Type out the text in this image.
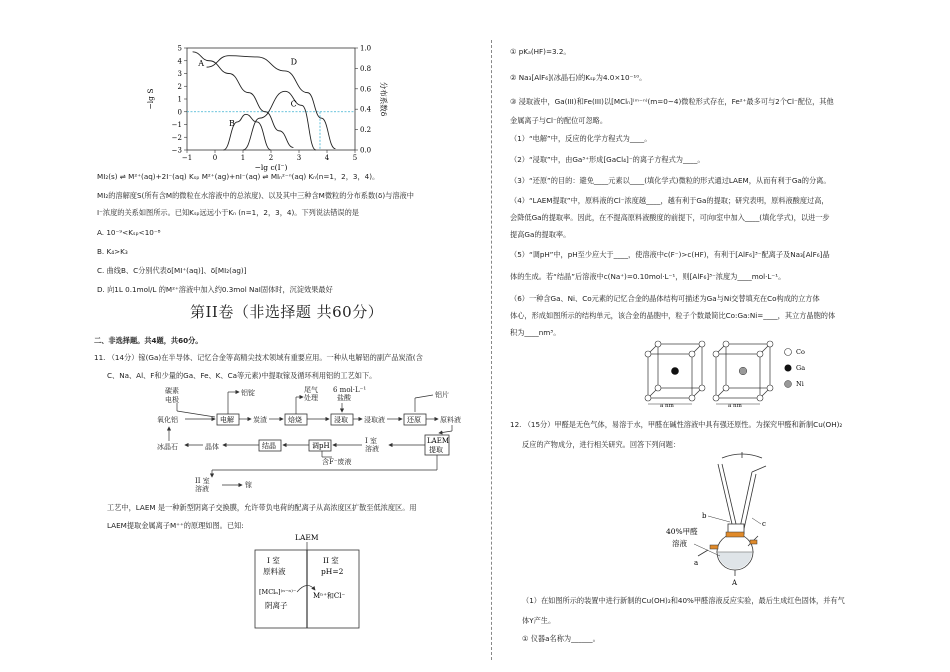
5
4
3
2
1
0
−1
−2
−3
1.0
0.8
0.6
0.4
0.2
0.0
−1	0	1	2	3	4	5
−lg c(I⁻)
−lg S	分布系数δ
A
B
C
D
MI₂(s) ⇌ M²⁺(aq)+2I⁻(aq) Kₛₚ M²⁺(ag)+nI⁻(aq) ⇌ MIₙ²⁻ⁿ(aq) Kₙ(n=1，2，3，4)。
MI₂的溶解度S(所有含M的微粒在水溶液中的总浓度)、以及其中三种含M微粒的分布系数(δ)与溶液中
I⁻浓度的关系如图所示。已知Kₛₚ远远小于Kₙ (n=1，2，3，4)。下列说法错误的是
A. 10⁻⁹<Kₛₚ<10⁻⁸
B. K₄>K₃
C. 曲线B、C分别代表δ[MI⁺(aq)]、δ[MI₂(ag)]
D. 向1L 0.1mol/L 的M²⁺溶液中加入约0.3mol NaI固体时，沉淀效果最好
第II卷（非选择题 共60分）
二、非选择题。共4题，共60分。
11. （14分）镓(Ga)在半导体、记忆合金等高精尖技术领域有重要应用。一种从电解铝的副产品炭渣(含
C、Na、Al、F和少量的Ga、Fe、K、Ca等元素)中提取镓及循环利用铝的工艺如下。
碳素
电极
氧化铝
铝锭
炭渣
尾气
处理
6 mol·L⁻¹
盐酸
浸取液
铝片
原料液
冰晶石	晶体
I 室
溶液
含F⁻废液
II 室
溶液	镓
电解	焙烧	浸取	还原
LAEM
提取
调pH
结晶
工艺中，LAEM 是一种新型阴离子交换膜，允许带负电荷的配离子从高浓度区扩散至低浓度区。用
LAEM提取金属离子M⁺⁺的原理如图。已知:
LAEM
I 室
原料液
[MClₙ]⁽ⁿ⁻ⁿ⁾⁻
阴离子
II 室
pH=2
Mⁿ⁺和Cl⁻
① pKₐ(HF)=3.2。
② Na₃[AlF₆](冰晶石)的Kₛₚ为4.0×10⁻¹⁰。
③ 浸取液中，Ga(III)和Fe(III)以[MClₙ]⁽ᵐ⁻ⁿ⁾(m=0~4)微粒形式存在，Fe²⁺最多可与2个Cl⁻配位，其他
金属离子与Cl⁻的配位可忽略。
（1）“电解”中，反应的化学方程式为____。
（2）“浸取”中，由Ga³⁺形成[GaCl₄]⁻的离子方程式为____。
（3）“还原”的目的：避免____元素以____(填化学式)微粒的形式通过LAEM，从而有利于Ga的分离。
（4）“LAEM提取”中，原料液的Cl⁻浓度越____，越有利于Ga的提取；研究表明，原料液酸度过高，
会降低Ga的提取率。因此，在不提高原料液酸度的前提下，可向I室中加入____(填化学式)，以进一步
提高Ga的提取率。
（5）“调pH”中，pH至少应大于____，使溶液中c(F⁻)>c(HF)，有利于[AlF₆]³⁻配离子及Na₃[AlF₆]晶
体的生成。若“结晶”后溶液中c(Na⁺)=0.10mol·L⁻¹，则[AlF₆]³⁻浓度为____mol·L⁻¹。
（6）一种含Ga、Ni、Co元素的记忆合金的晶体结构可描述为Ga与Ni交替填充在Co构成的立方体
体心，形成如图所示的结构单元，该合金的晶胞中，粒子个数最简比Co:Ga:Ni=____，其立方晶胞的体
积为____nm³。
a nm	a nm
Co
Ga
Ni
12. （15分）甲醛是无色气体，易溶于水，甲醛在碱性溶液中具有强还原性。为探究甲醛和新制Cu(OH)₂
反应的产物成分，进行相关研究。回答下列问题：
b
c
a
A
40%甲醛
溶液
（1）在如图所示的装置中进行新制的Cu(OH)₂和40%甲醛溶液反应实验，最后生成红色固体，并有气
体Y产生。
① 仪器a名称为______。
